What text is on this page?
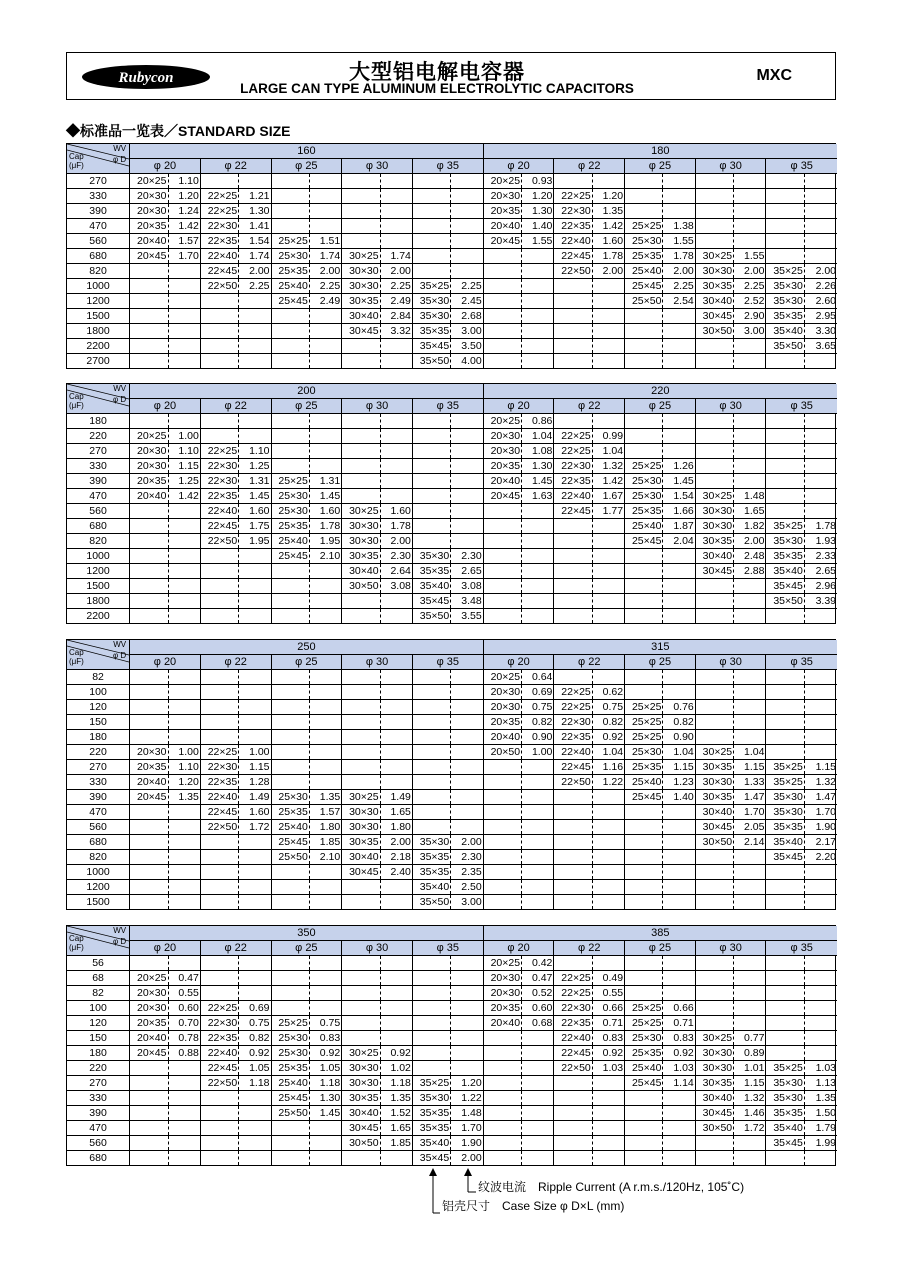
Rubycon	大型铝电解电容器
LARGE CAN TYPE ALUMINUM ELECTROLYTIC CAPACITORS
MXC
◆标准品一览表／STANDARD SIZE
WV
φ D
Cap
(μF)	160										180									
	φ 20		φ 22		φ 25		φ 30		φ 35		φ 20		φ 22		φ 25		φ 30		φ 35	
270	20×25	1.10									20×25	0.93								
330	20×30	1.20	22×25	1.21							20×30	1.20	22×25	1.20						
390	20×30	1.24	22×25	1.30							20×35	1.30	22×30	1.35						
470	20×35	1.42	22×30	1.41							20×40	1.40	22×35	1.42	25×25	1.38				
560	20×40	1.57	22×35	1.54	25×25	1.51					20×45	1.55	22×40	1.60	25×30	1.55				
680	20×45	1.70	22×40	1.74	25×30	1.74	30×25	1.74					22×45	1.78	25×35	1.78	30×25	1.55		
820			22×45	2.00	25×35	2.00	30×30	2.00					22×50	2.00	25×40	2.00	30×30	2.00	35×25	2.00
1000			22×50	2.25	25×40	2.25	30×30	2.25	35×25	2.25					25×45	2.25	30×35	2.25	35×30	2.26
1200					25×45	2.49	30×35	2.49	35×30	2.45					25×50	2.54	30×40	2.52	35×30	2.60
1500							30×40	2.84	35×30	2.68							30×45	2.90	35×35	2.95
1800							30×45	3.32	35×35	3.00							30×50	3.00	35×40	3.30
2200									35×45	3.50									35×50	3.65
2700									35×50	4.00										
WV
φ D
Cap
(μF)	200										220									
	φ 20		φ 22		φ 25		φ 30		φ 35		φ 20		φ 22		φ 25		φ 30		φ 35	
180											20×25	0.86								
220	20×25	1.00									20×30	1.04	22×25	0.99						
270	20×30	1.10	22×25	1.10							20×30	1.08	22×25	1.04						
330	20×30	1.15	22×30	1.25							20×35	1.30	22×30	1.32	25×25	1.26				
390	20×35	1.25	22×30	1.31	25×25	1.31					20×40	1.45	22×35	1.42	25×30	1.45				
470	20×40	1.42	22×35	1.45	25×30	1.45					20×45	1.63	22×40	1.67	25×30	1.54	30×25	1.48		
560			22×40	1.60	25×30	1.60	30×25	1.60					22×45	1.77	25×35	1.66	30×30	1.65		
680			22×45	1.75	25×35	1.78	30×30	1.78							25×40	1.87	30×30	1.82	35×25	1.78
820			22×50	1.95	25×40	1.95	30×30	2.00							25×45	2.04	30×35	2.00	35×30	1.93
1000					25×45	2.10	30×35	2.30	35×30	2.30							30×40	2.48	35×35	2.33
1200							30×40	2.64	35×35	2.65							30×45	2.88	35×40	2.65
1500							30×50	3.08	35×40	3.08									35×45	2.96
1800									35×45	3.48									35×50	3.39
2200									35×50	3.55										
WV
φ D
Cap
(μF)	250										315									
	φ 20		φ 22		φ 25		φ 30		φ 35		φ 20		φ 22		φ 25		φ 30		φ 35	
82											20×25	0.64								
100											20×30	0.69	22×25	0.62						
120											20×30	0.75	22×25	0.75	25×25	0.76				
150											20×35	0.82	22×30	0.82	25×25	0.82				
180											20×40	0.90	22×35	0.92	25×25	0.90				
220	20×30	1.00	22×25	1.00							20×50	1.00	22×40	1.04	25×30	1.04	30×25	1.04		
270	20×35	1.10	22×30	1.15									22×45	1.16	25×35	1.15	30×35	1.15	35×25	1.15
330	20×40	1.20	22×35	1.28									22×50	1.22	25×40	1.23	30×30	1.33	35×25	1.32
390	20×45	1.35	22×40	1.49	25×30	1.35	30×25	1.49							25×45	1.40	30×35	1.47	35×30	1.47
470			22×45	1.60	25×35	1.57	30×30	1.65									30×40	1.70	35×30	1.70
560			22×50	1.72	25×40	1.80	30×30	1.80									30×45	2.05	35×35	1.90
680					25×45	1.85	30×35	2.00	35×30	2.00							30×50	2.14	35×40	2.17
820					25×50	2.10	30×40	2.18	35×35	2.30									35×45	2.20
1000							30×45	2.40	35×35	2.35										
1200									35×40	2.50										
1500									35×50	3.00										
WV
φ D
Cap
(μF)	350										385									
	φ 20		φ 22		φ 25		φ 30		φ 35		φ 20		φ 22		φ 25		φ 30		φ 35	
56											20×25	0.42								
68	20×25	0.47									20×30	0.47	22×25	0.49						
82	20×30	0.55									20×30	0.52	22×25	0.55						
100	20×30	0.60	22×25	0.69							20×35	0.60	22×30	0.66	25×25	0.66				
120	20×35	0.70	22×30	0.75	25×25	0.75					20×40	0.68	22×35	0.71	25×25	0.71				
150	20×40	0.78	22×35	0.82	25×30	0.83							22×40	0.83	25×30	0.83	30×25	0.77		
180	20×45	0.88	22×40	0.92	25×30	0.92	30×25	0.92					22×45	0.92	25×35	0.92	30×30	0.89		
220			22×45	1.05	25×35	1.05	30×30	1.02					22×50	1.03	25×40	1.03	30×30	1.01	35×25	1.03
270			22×50	1.18	25×40	1.18	30×30	1.18	35×25	1.20					25×45	1.14	30×35	1.15	35×30	1.13
330					25×45	1.30	30×35	1.35	35×30	1.22							30×40	1.32	35×30	1.35
390					25×50	1.45	30×40	1.52	35×35	1.48							30×45	1.46	35×35	1.50
470							30×45	1.65	35×35	1.70							30×50	1.72	35×40	1.79
560							30×50	1.85	35×40	1.90									35×45	1.99
680									35×45	2.00										
纹波电流　Ripple Current (A r.m.s./120Hz, 105˚C)
铝壳尺寸　Case Size φ D×L (mm)
